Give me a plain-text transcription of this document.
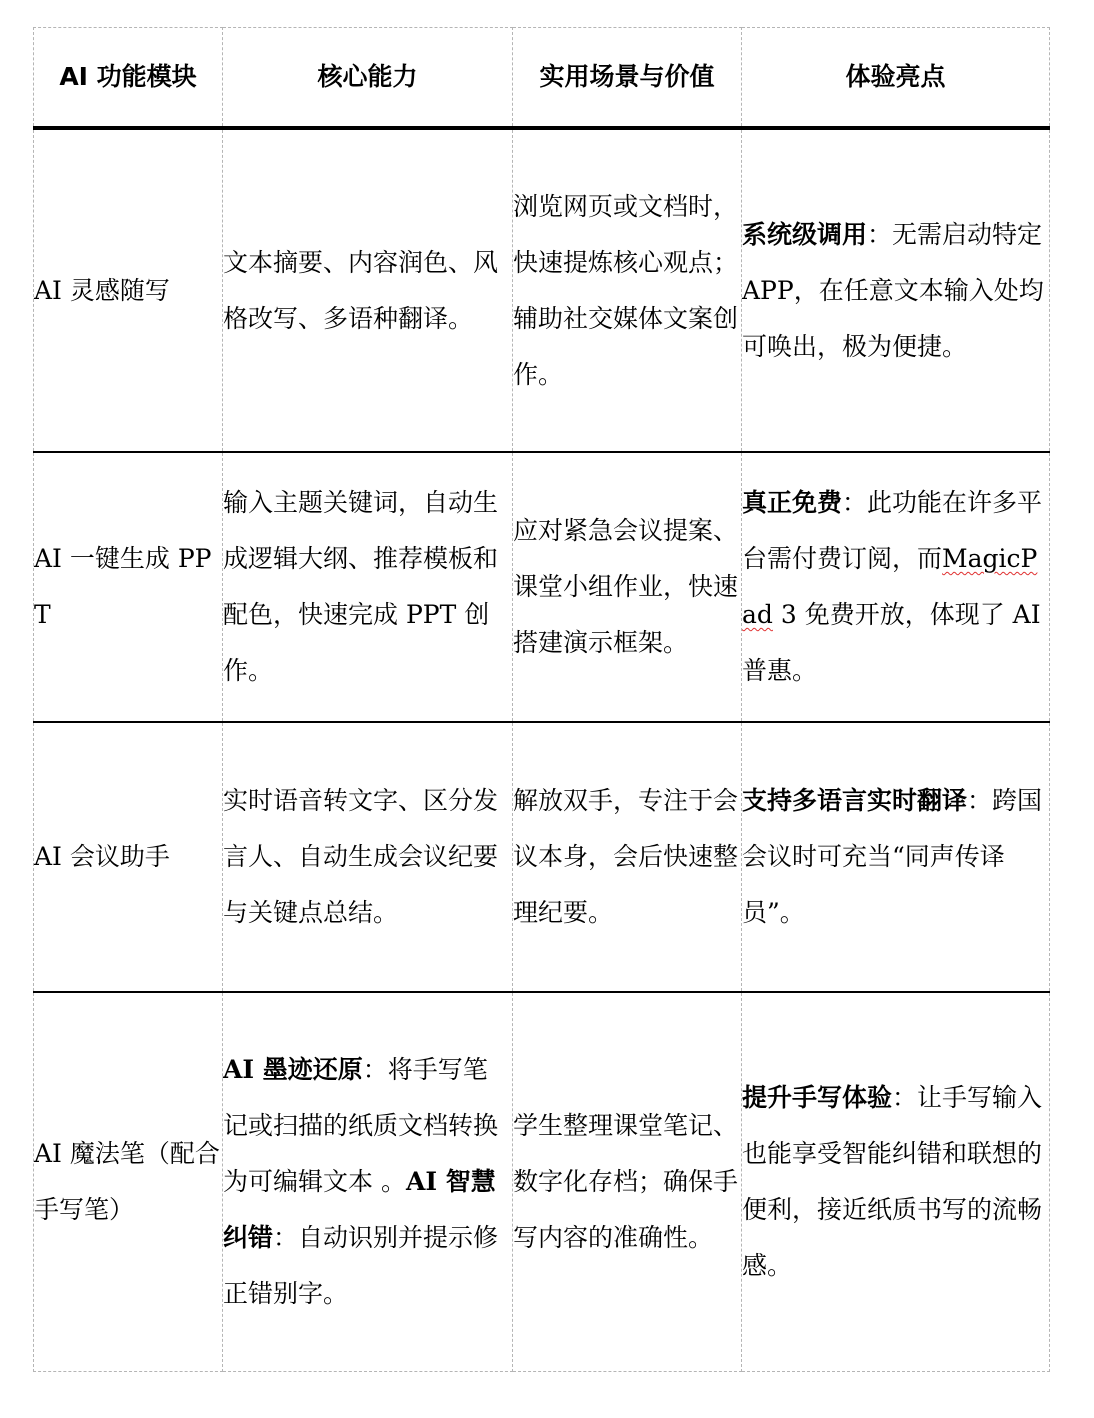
AI 功能模块	核心能力	实用场景与价值	体验亮点
AI 灵感随写	文本摘要、内容润色、风格改写、多语种翻译。	浏览网页或文档时，快速提炼核心观点；辅助社交媒体文案创作。	系统级调用：无需启动特定 APP，在任意文本输入处均可唤出，极为便捷。
AI 一键生成 PPT	输入主题关键词，自动生成逻辑大纲、推荐模板和配色，快速完成 PPT 创作。	应对紧急会议提案、课堂小组作业，快速搭建演示框架。	真正免费：此功能在许多平台需付费订阅，而MagicPad 3 免费开放，体现了 AI 普惠。
AI 会议助手	实时语音转文字、区分发言人、自动生成会议纪要与关键点总结。	解放双手，专注于会议本身，会后快速整理纪要。	支持多语言实时翻译：跨国会议时可充当“同声传译员”。
AI 魔法笔（配合手写笔）	AI 墨迹还原：将手写笔记或扫描的纸质文档转换为可编辑文本 。AI 智慧纠错：自动识别并提示修正错别字。	学生整理课堂笔记、数字化存档；确保手写内容的准确性。	提升手写体验：让手写输入也能享受智能纠错和联想的便利，接近纸质书写的流畅感。
